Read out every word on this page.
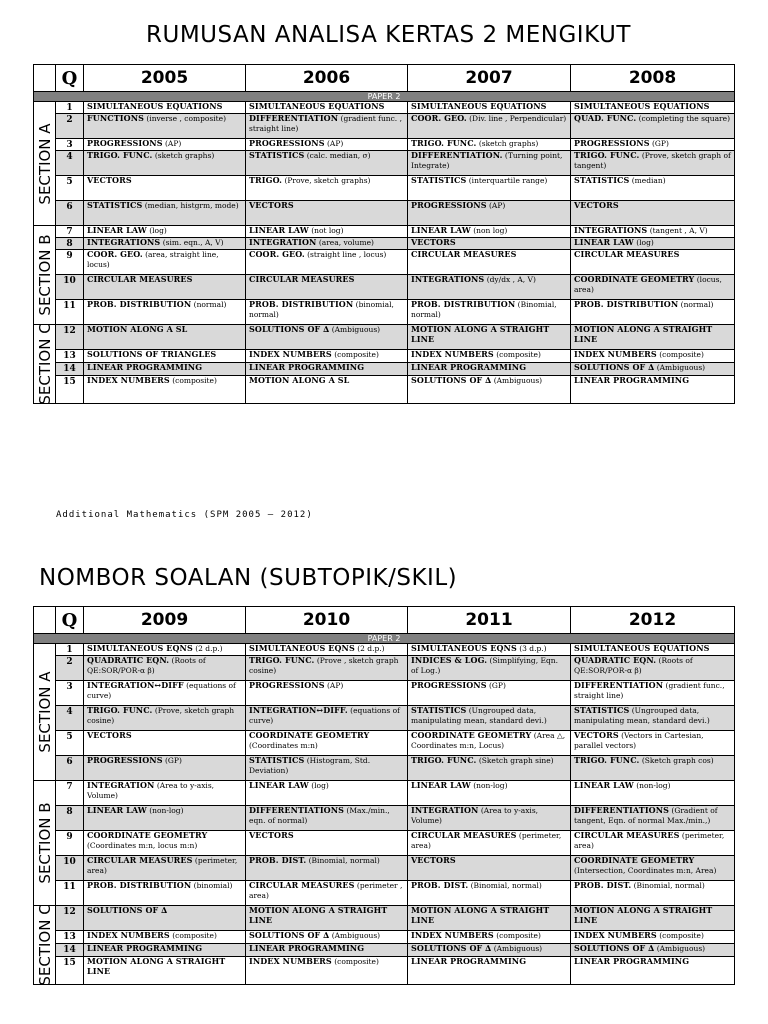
RUMUSAN ANALISA KERTAS 2 MENGIKUT
	Q	2005	2006	2007	2008
PAPER 2					

SECTION A	1	SIMULTANEOUS EQUATIONS	SIMULTANEOUS EQUATIONS	SIMULTANEOUS EQUATIONS	SIMULTANEOUS EQUATIONS
	2	FUNCTIONS (inverse , composite)	DIFFERENTIATION (gradient func. , straight line)	COOR. GEO. (Div. line , Perpendicular)	QUAD. FUNC. (completing the square)
	3	PROGRESSIONS (AP)	PROGRESSIONS (AP)	TRIGO. FUNC. (sketch graphs)	PROGRESSIONS (GP)
	4	TRIGO. FUNC. (sketch graphs)	STATISTICS (calc. median, σ)	DIFFERENTIATION. (Turning point, Integrate)	TRIGO. FUNC. (Prove, sketch graph of tangent)
	5	VECTORS	TRIGO. (Prove, sketch graphs)	STATISTICS (interquartile range)	STATISTICS (median)
	6	STATISTICS (median, histgrm, mode)	VECTORS	PROGRESSIONS (AP)	VECTORS

SECTION B	7	LINEAR LAW (log)	LINEAR LAW (not log)	LINEAR LAW (non log)	INTEGRATIONS (tangent , A, V)
	8	INTEGRATIONS (sim. eqn., A, V)	INTEGRATION (area, volume)	VECTORS	LINEAR LAW (log)
	9	COOR. GEO. (area, straight line, locus)	COOR. GEO. (straight line , locus)	CIRCULAR MEASURES	CIRCULAR MEASURES
	10	CIRCULAR MEASURES	CIRCULAR MEASURES	INTEGRATIONS (dy/dx , A, V)	COORDINATE GEOMETRY (locus, area)
	11	PROB. DISTRIBUTION (normal)	PROB. DISTRIBUTION (binomial, normal)	PROB. DISTRIBUTION (Binomial, normal)	PROB. DISTRIBUTION (normal)

SECTION C	12	MOTION ALONG A SL	SOLUTIONS OF ∆ (Ambiguous)	MOTION ALONG A STRAIGHT LINE	MOTION ALONG A STRAIGHT LINE
	13	SOLUTIONS OF TRIANGLES	INDEX NUMBERS (composite)	INDEX NUMBERS (composite)	INDEX NUMBERS (composite)
	14	LINEAR PROGRAMMING	LINEAR PROGRAMMING	LINEAR PROGRAMMING	SOLUTIONS OF ∆ (Ambiguous)
	15	INDEX NUMBERS (composite)	MOTION ALONG A SL	SOLUTIONS OF ∆ (Ambiguous)	LINEAR PROGRAMMING
Additional Mathematics (SPM 2005 – 2012)
NOMBOR SOALAN (SUBTOPIK/SKIL)
	Q	2009	2010	2011	2012
PAPER 2					

SECTION A	1	SIMULTANEOUS EQNS (2 d.p.)	SIMULTANEOUS EQNS (2 d.p.)	SIMULTANEOUS EQNS (3 d.p.)	SIMULTANEOUS EQUATIONS
	2	QUADRATIC EQN. (Roots of QE:SOR/POR-α β)	TRIGO. FUNC. (Prove , sketch graph cosine)	INDICES & LOG. (Simplifying, Eqn. of Log.)	QUADRATIC EQN. (Roots of QE:SOR/POR-α β)
	3	INTEGRATION↔DIFF (equations of curve)	PROGRESSIONS (AP)	PROGRESSIONS (GP)	DIFFERENTIATION (gradient func., straight line)
	4	TRIGO. FUNC. (Prove, sketch graph cosine)	INTEGRATION↔DIFF. (equations of curve)	STATISTICS (Ungrouped data, manipulating mean, standard devi.)	STATISTICS (Ungrouped data, manipulating mean, standard devi.)
	5	VECTORS	COORDINATE GEOMETRY (Coordinates m:n)	COORDINATE GEOMETRY (Area △, Coordinates m:n, Locus)	VECTORS (Vectors in Cartesian, parallel vectors)
	6	PROGRESSIONS (GP)	STATISTICS (Histogram, Std. Deviation)	TRIGO. FUNC. (Sketch graph sine)	TRIGO. FUNC. (Sketch graph cos)

SECTION B	7	INTEGRATION (Area to y-axis, Volume)	LINEAR LAW (log)	LINEAR LAW (non-log)	LINEAR LAW (non-log)
	8	LINEAR LAW (non-log)	DIFFERENTIATIONS (Max./min., eqn. of normal)	INTEGRATION (Area to y-axis, Volume)	DIFFERENTIATIONS (Gradient of tangent, Eqn. of normal Max./min.,)
	9	COORDINATE GEOMETRY (Coordinates m:n, locus m:n)	VECTORS	CIRCULAR MEASURES (perimeter, area)	CIRCULAR MEASURES (perimeter, area)
	10	CIRCULAR MEASURES (perimeter, area)	PROB. DIST. (Binomial, normal)	VECTORS	COORDINATE GEOMETRY (Intersection, Coordinates m:n, Area)
	11	PROB. DISTRIBUTION (binomial)	CIRCULAR MEASURES (perimeter , area)	PROB. DIST. (Binomial, normal)	PROB. DIST. (Binomial, normal)

SECTION C	12	SOLUTIONS OF ∆	MOTION ALONG A STRAIGHT LINE	MOTION ALONG A STRAIGHT LINE	MOTION ALONG A STRAIGHT LINE
	13	INDEX NUMBERS (composite)	SOLUTIONS OF ∆ (Ambiguous)	INDEX NUMBERS (composite)	INDEX NUMBERS (composite)
	14	LINEAR PROGRAMMING	LINEAR PROGRAMMING	SOLUTIONS OF ∆ (Ambiguous)	SOLUTIONS OF ∆ (Ambiguous)
	15	MOTION ALONG A STRAIGHT LINE	INDEX NUMBERS (composite)	LINEAR PROGRAMMING	LINEAR PROGRAMMING
